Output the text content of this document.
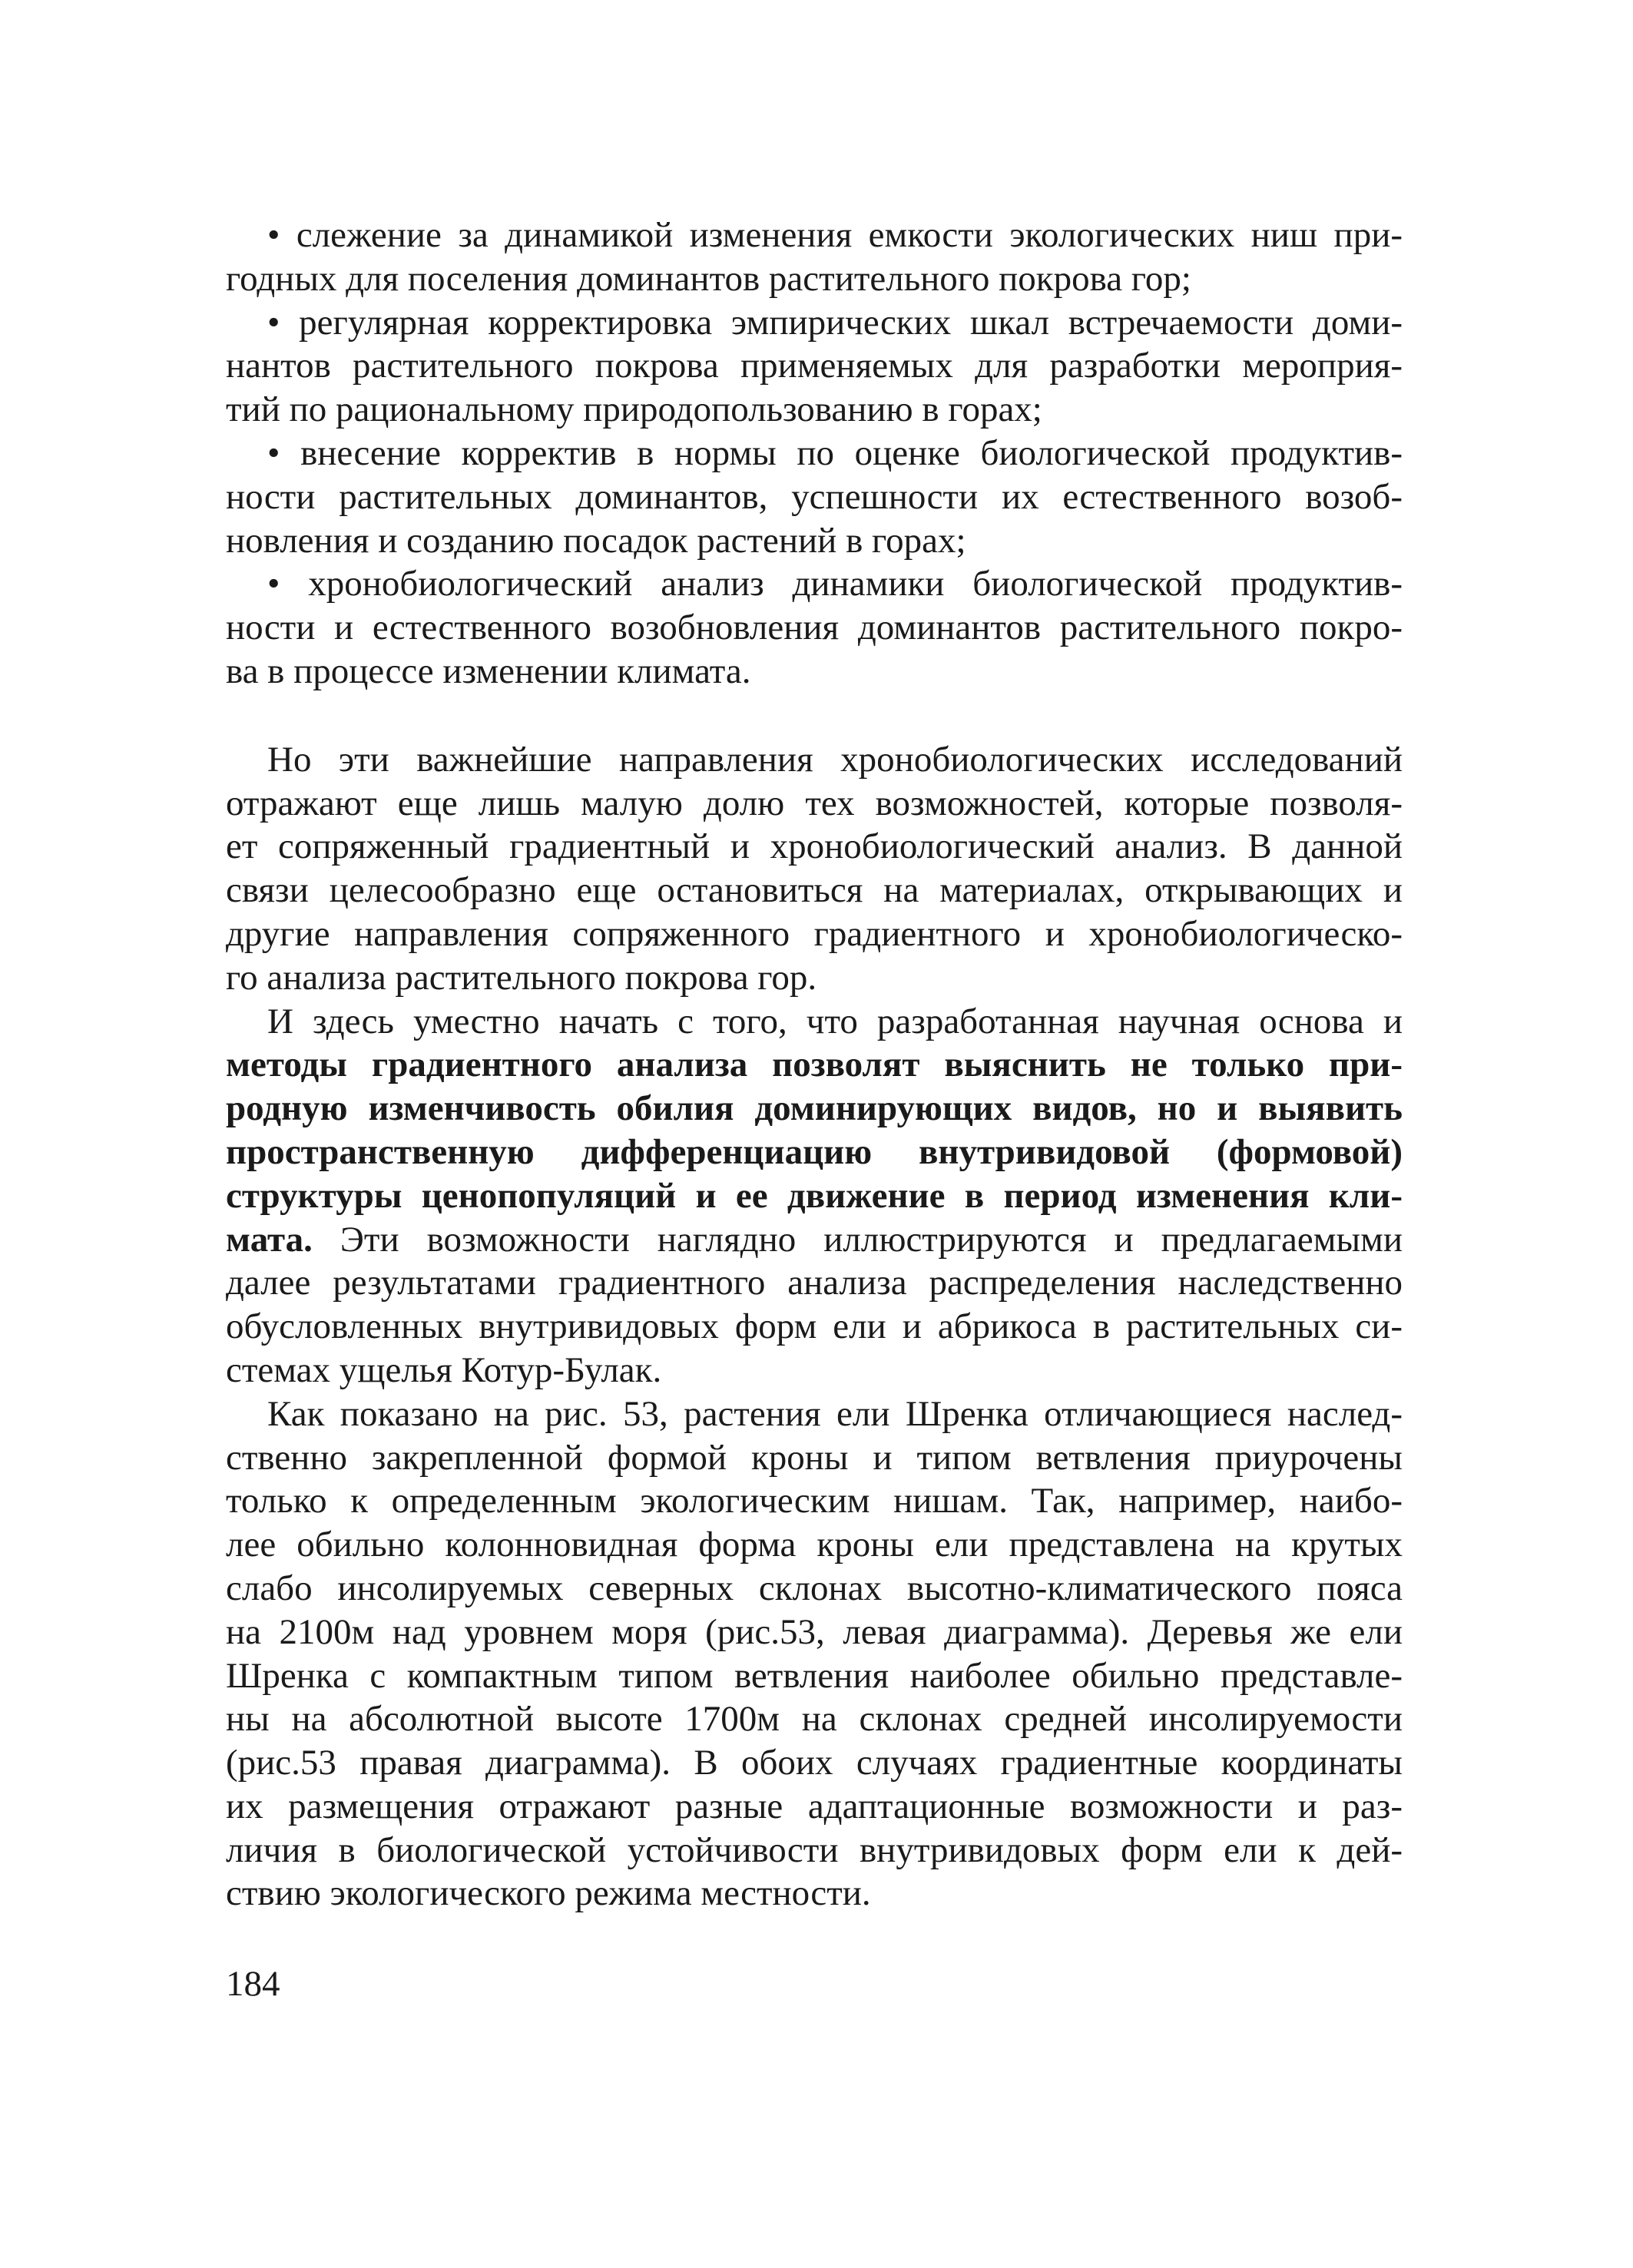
• слежение за динамикой изменения емкости экологических ниш при-
годных для поселения доминантов растительного покрова гор;
• регулярная корректировка эмпирических шкал встречаемости доми-
нантов растительного покрова применяемых для разработки мероприя-
тий по рациональному природопользованию в горах;
• внесение корректив в нормы по оценке биологической продуктив-
ности растительных доминантов, успешности их естественного возоб-
новления и созданию посадок растений в горах;
• хронобиологический анализ динамики биологической продуктив-
ности и естественного возобновления доминантов растительного покро-
ва в процессе изменении климата.
Но эти важнейшие направления хронобиологических исследований
отражают еще лишь малую долю тех возможностей, которые позволя-
ет сопряженный градиентный и хронобиологический анализ. В данной
связи целесообразно еще остановиться на материалах, открывающих и
другие направления сопряженного градиентного и хронобиологическо-
го анализа растительного покрова гор.
И здесь уместно начать с того, что разработанная научная основа и
методы градиентного анализа позволят выяснить не только при-
родную изменчивость обилия доминирующих видов, но и выявить
пространственную дифференциацию внутривидовой (формовой)
структуры ценопопуляций и ее движение в период изменения кли-
мата. Эти возможности наглядно иллюстрируются и предлагаемыми
далее результатами градиентного анализа распределения наследственно
обусловленных внутривидовых форм ели и абрикоса в растительных си-
стемах ущелья Котур-Булак.
Как показано на рис. 53, растения ели Шренка отличающиеся наслед-
ственно закрепленной формой кроны и типом ветвления приурочены
только к определенным экологическим нишам. Так, например, наибо-
лее обильно колонновидная форма кроны ели представлена на крутых
слабо инсолируемых северных склонах высотно-климатического пояса
на 2100м над уровнем моря (рис.53, левая диаграмма). Деревья же ели
Шренка с компактным типом ветвления наиболее обильно представле-
ны на абсолютной высоте 1700м на склонах средней инсолируемости
(рис.53 правая диаграмма). В обоих случаях градиентные координаты
их размещения отражают разные адаптационные возможности и раз-
личия в биологической устойчивости внутривидовых форм ели к дей-
ствию экологического режима местности.
184
